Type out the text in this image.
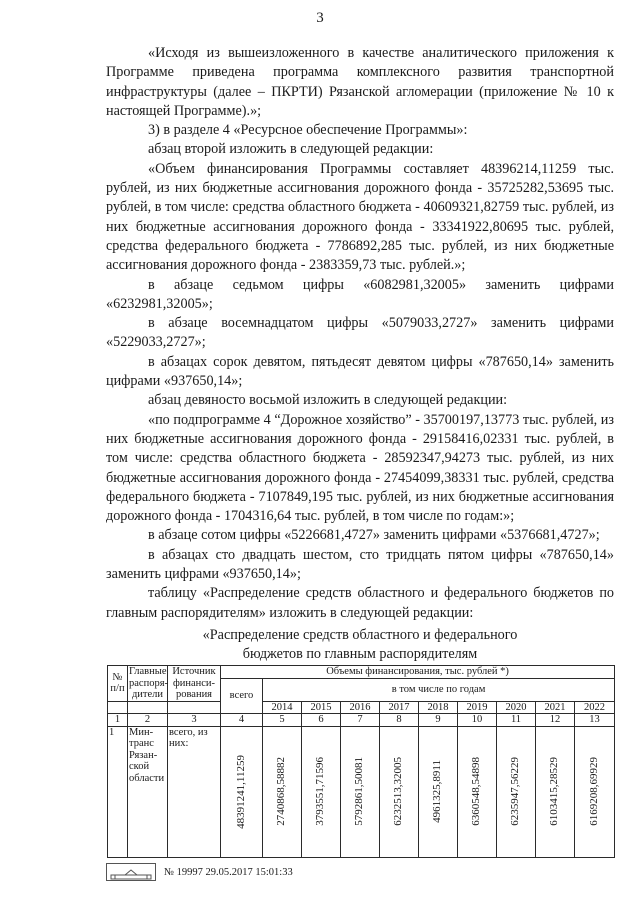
3

«Исходя из вышеизложенного в качестве аналитического приложения к Программе приведена программа комплексного развития транспортной инфраструктуры (далее – ПКРТИ) Рязанской агломерации (приложение № 10 к настоящей Программе).»;

3) в разделе 4 «Ресурсное обеспечение Программы»:

абзац второй изложить в следующей редакции:

«Объем финансирования Программы составляет 48396214,11259 тыс. рублей, из них бюджетные ассигнования дорожного фонда - 35725282,53695 тыс. рублей, в том числе: средства областного бюджета - 40609321,82759 тыс. рублей, из них бюджетные ассигнования дорожного фонда - 33341922,80695 тыс. рублей, средства федерального бюджета - 7786892,285 тыс. рублей, из них бюджетные ассигнования дорожного фонда - 2383359,73 тыс. рублей.»;

в абзаце седьмом цифры «6082981,32005» заменить цифрами «6232981,32005»;

в абзаце восемнадцатом цифры «5079033,2727» заменить цифрами «5229033,2727»;

в абзацах сорок девятом, пятьдесят девятом цифры «787650,14» заменить цифрами «937650,14»;

абзац девяносто восьмой изложить в следующей редакции:

«по подпрограмме 4 “Дорожное хозяйство” - 35700197,13773 тыс. рублей, из них бюджетные ассигнования дорожного фонда - 29158416,02331 тыс. рублей, в том числе: средства областного бюджета - 28592347,94273 тыс. рублей, из них бюджетные ассигнования дорожного фонда - 27454099,38331 тыс. рублей, средства федерального бюджета - 7107849,195 тыс. рублей, из них бюджетные ассигнования дорожного фонда - 1704316,64 тыс. рублей, в том числе по годам:»;

в абзаце сотом цифры «5226681,4727» заменить цифрами «5376681,4727»;

в абзацах сто двадцать шестом, сто тридцать пятом цифры «787650,14» заменить цифрами «937650,14»;

таблицу «Распределение средств областного и федерального бюджетов по главным распорядителям» изложить в следующей редакции:

«Распределение средств областного и федерального
бюджетов по главным распорядителям
№ п/п	Главные распоря-дители	Источник финанси-рования	Объемы финансирования, тыс. рублей *)									
			всего	в том числе по годам								
				2014	2015	2016	2017	2018	2019	2020	2021	2022
1	2	3	4	5	6	7	8	9	10	11	12	13
1	Мин-транс Рязан-ской области	всего, из них:	48391241,11259	2740868,58882	3793551,71596	5792861,50081	6232513,32005	4961325,8911	6360548,54898	6235947,56229	6103415,28529	6169208,69929
№ 19997 29.05.2017 15:01:33
